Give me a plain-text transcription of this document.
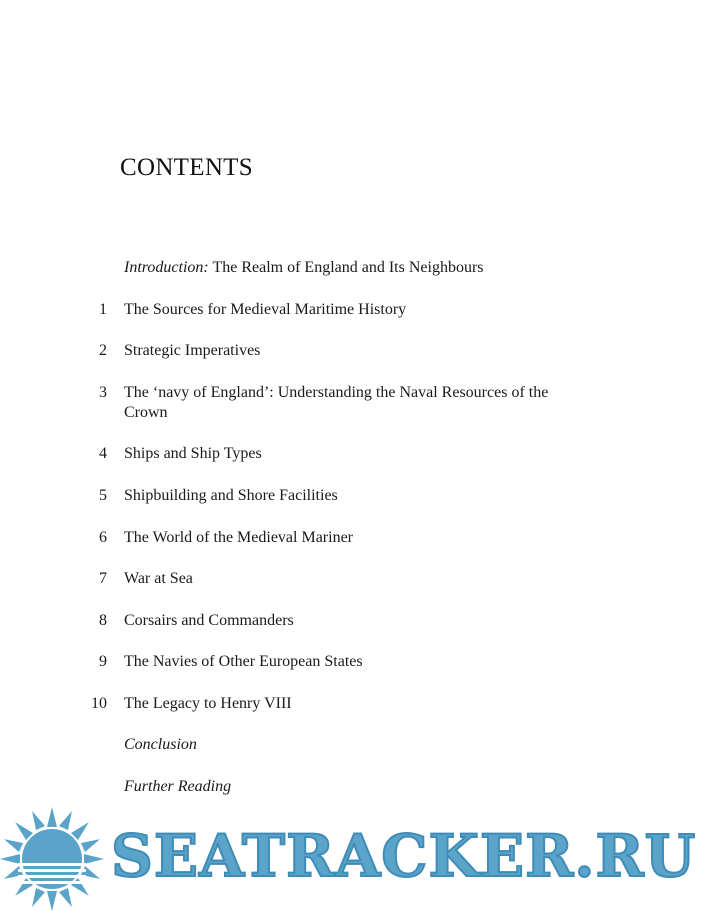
CONTENTS
Introduction: The Realm of England and Its Neighbours
1 The Sources for Medieval Maritime History
2 Strategic Imperatives
3 The ‘navy of England’: Understanding the Naval Resources of the
Crown
4 Ships and Ship Types
5 Shipbuilding and Shore Facilities
6 The World of the Medieval Mariner
7 War at Sea
8 Corsairs and Commanders
9 The Navies of Other European States
10 The Legacy to Henry VIII
Conclusion
Further Reading
SEATRACKER.RU
